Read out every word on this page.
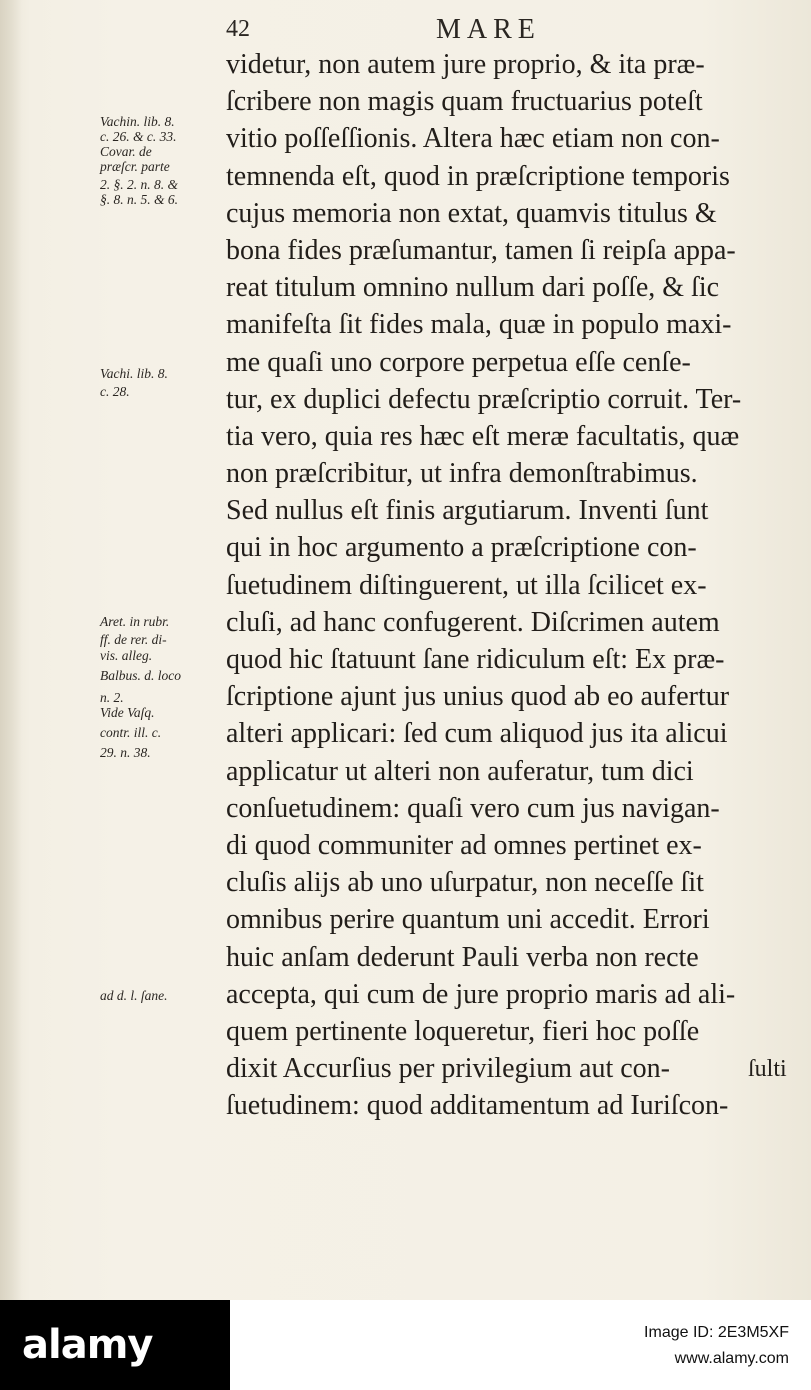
42	MARE
Vachin. lib. 8.
c. 26. & c. 33.
Covar. de
præſcr. parte
2. §. 2. n. 8. &
§. 8. n. 5. & 6.
Vachi. lib. 8.
c. 28.
Aret. in rubr.
ff. de rer. di-
vis. alleg.
Balbus. d. loco
n. 2.
Vide Vaſq.
contr. ill. c.
29. n. 38.
ad d. l. ſane.
videtur, non autem jure proprio, & ita præ-
ſcribere non magis quam fructuarius poteſt
vitio poſſeſſionis. Altera hæc etiam non con-
temnenda eſt, quod in præſcriptione temporis
cujus memoria non extat, quamvis titulus &
bona fides præſumantur, tamen ſi reipſa appa-
reat titulum omnino nullum dari poſſe, & ſic
manifeſta ſit fides mala, quæ in populo maxi-
me quaſi uno corpore perpetua eſſe cenſe-
tur, ex duplici defectu præſcriptio corruit. Ter-
tia vero, quia res hæc eſt meræ facultatis, quæ
non præſcribitur, ut infra demonſtrabimus.
Sed nullus eſt finis argutiarum. Inventi ſunt
qui in hoc argumento a præſcriptione con-
ſuetudinem diſtinguerent, ut illa ſcilicet ex-
cluſi, ad hanc confugerent. Diſcrimen autem
quod hic ſtatuunt ſane ridiculum eſt: Ex præ-
ſcriptione ajunt jus unius quod ab eo aufertur
alteri applicari: ſed cum aliquod jus ita alicui
applicatur ut alteri non auferatur, tum dici
conſuetudinem: quaſi vero cum jus navigan-
di quod communiter ad omnes pertinet ex-
cluſis alijs ab uno uſurpatur, non neceſſe ſit
omnibus perire quantum uni accedit. Errori
huic anſam dederunt Pauli verba non recte
accepta, qui cum de jure proprio maris ad ali-
quem pertinente loqueretur, fieri hoc poſſe
dixit Accurſius per privilegium aut con-
ſuetudinem: quod additamentum ad Iuriſcon-
ſulti
alamy	Image ID: 2E3M5XF
www.alamy.com
